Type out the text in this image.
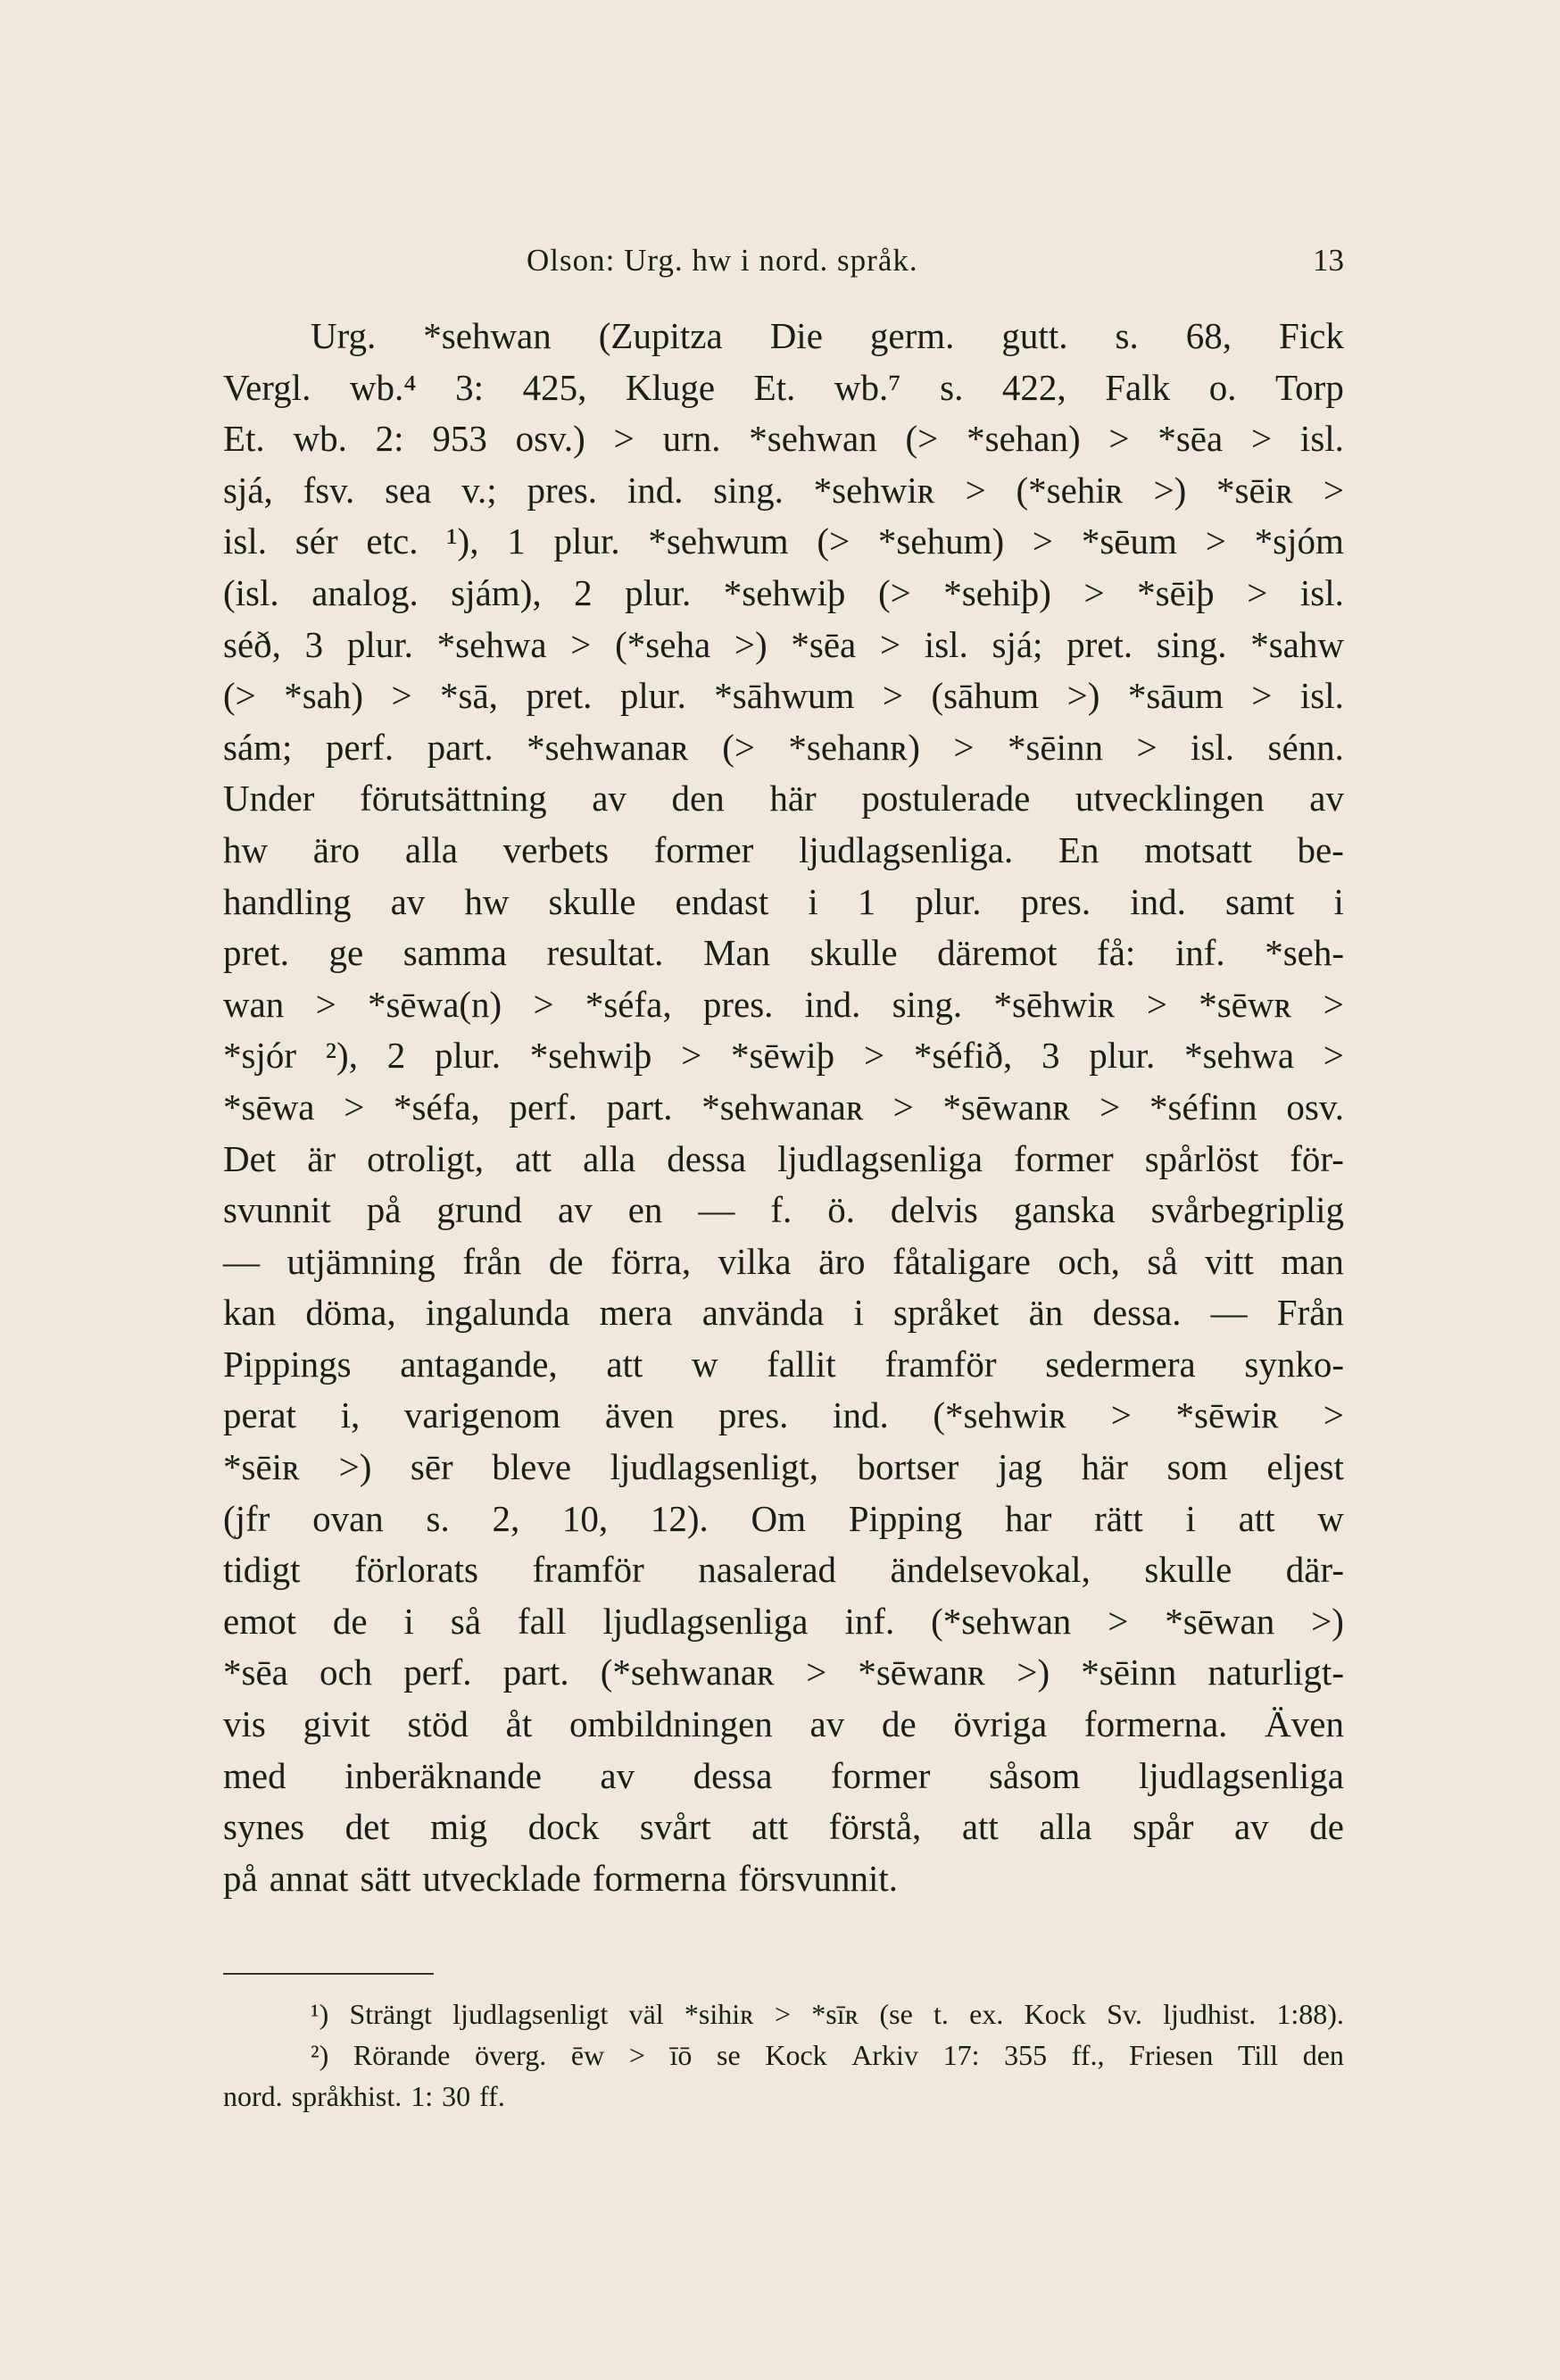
Olson: Urg. hw i nord. språk.	13
Urg. *sehwan (Zupitza Die germ. gutt. s. 68, Fick
Vergl. wb.⁴ 3: 425, Kluge Et. wb.⁷ s. 422, Falk o. Torp
Et. wb. 2: 953 osv.) > urn. *sehwan (> *sehan) > *sēa > isl.
sjá, fsv. sea v.; pres. ind. sing. *sehwiʀ > (*sehiʀ >) *sēiʀ >
isl. sér etc. ¹), 1 plur. *sehwum (> *sehum) > *sēum > *sjóm
(isl. analog. sjám), 2 plur. *sehwiþ (> *sehiþ) > *sēiþ > isl.
séð, 3 plur. *sehwa > (*seha >) *sēa > isl. sjá; pret. sing. *sahw
(> *sah) > *sā, pret. plur. *sāhwum > (sāhum >) *sāum > isl.
sám; perf. part. *sehwanaʀ (> *sehanʀ) > *sēinn > isl. sénn.
Under förutsättning av den här postulerade utvecklingen av
hw äro alla verbets former ljudlagsenliga. En motsatt be-
handling av hw skulle endast i 1 plur. pres. ind. samt i
pret. ge samma resultat. Man skulle däremot få: inf. *seh-
wan > *sēwa(n) > *séfa, pres. ind. sing. *sēhwiʀ > *sēwʀ >
*sjór ²), 2 plur. *sehwiþ > *sēwiþ > *séfið, 3 plur. *sehwa >
*sēwa > *séfa, perf. part. *sehwanaʀ > *sēwanʀ > *séfinn osv.
Det är otroligt, att alla dessa ljudlagsenliga former spårlöst för-
svunnit på grund av en — f. ö. delvis ganska svårbegriplig
— utjämning från de förra, vilka äro fåtaligare och, så vitt man
kan döma, ingalunda mera använda i språket än dessa. — Från
Pippings antagande, att w fallit framför sedermera synko-
perat i, varigenom även pres. ind. (*sehwiʀ > *sēwiʀ >
*sēiʀ >) sēr bleve ljudlagsenligt, bortser jag här som eljest
(jfr ovan s. 2, 10, 12). Om Pipping har rätt i att w
tidigt förlorats framför nasalerad ändelsevokal, skulle där-
emot de i så fall ljudlagsenliga inf. (*sehwan > *sēwan >)
*sēa och perf. part. (*sehwanaʀ > *sēwanʀ >) *sēinn naturligt-
vis givit stöd åt ombildningen av de övriga formerna. Även
med inberäknande av dessa former såsom ljudlagsenliga
synes det mig dock svårt att förstå, att alla spår av de
på annat sätt utvecklade formerna försvunnit.
¹) Strängt ljudlagsenligt väl *sihiʀ > *sīʀ (se t. ex. Kock Sv. ljudhist. 1:88).
²) Rörande överg. ēw > īō se Kock Arkiv 17: 355 ff., Friesen Till den
nord. språkhist. 1: 30 ff.
